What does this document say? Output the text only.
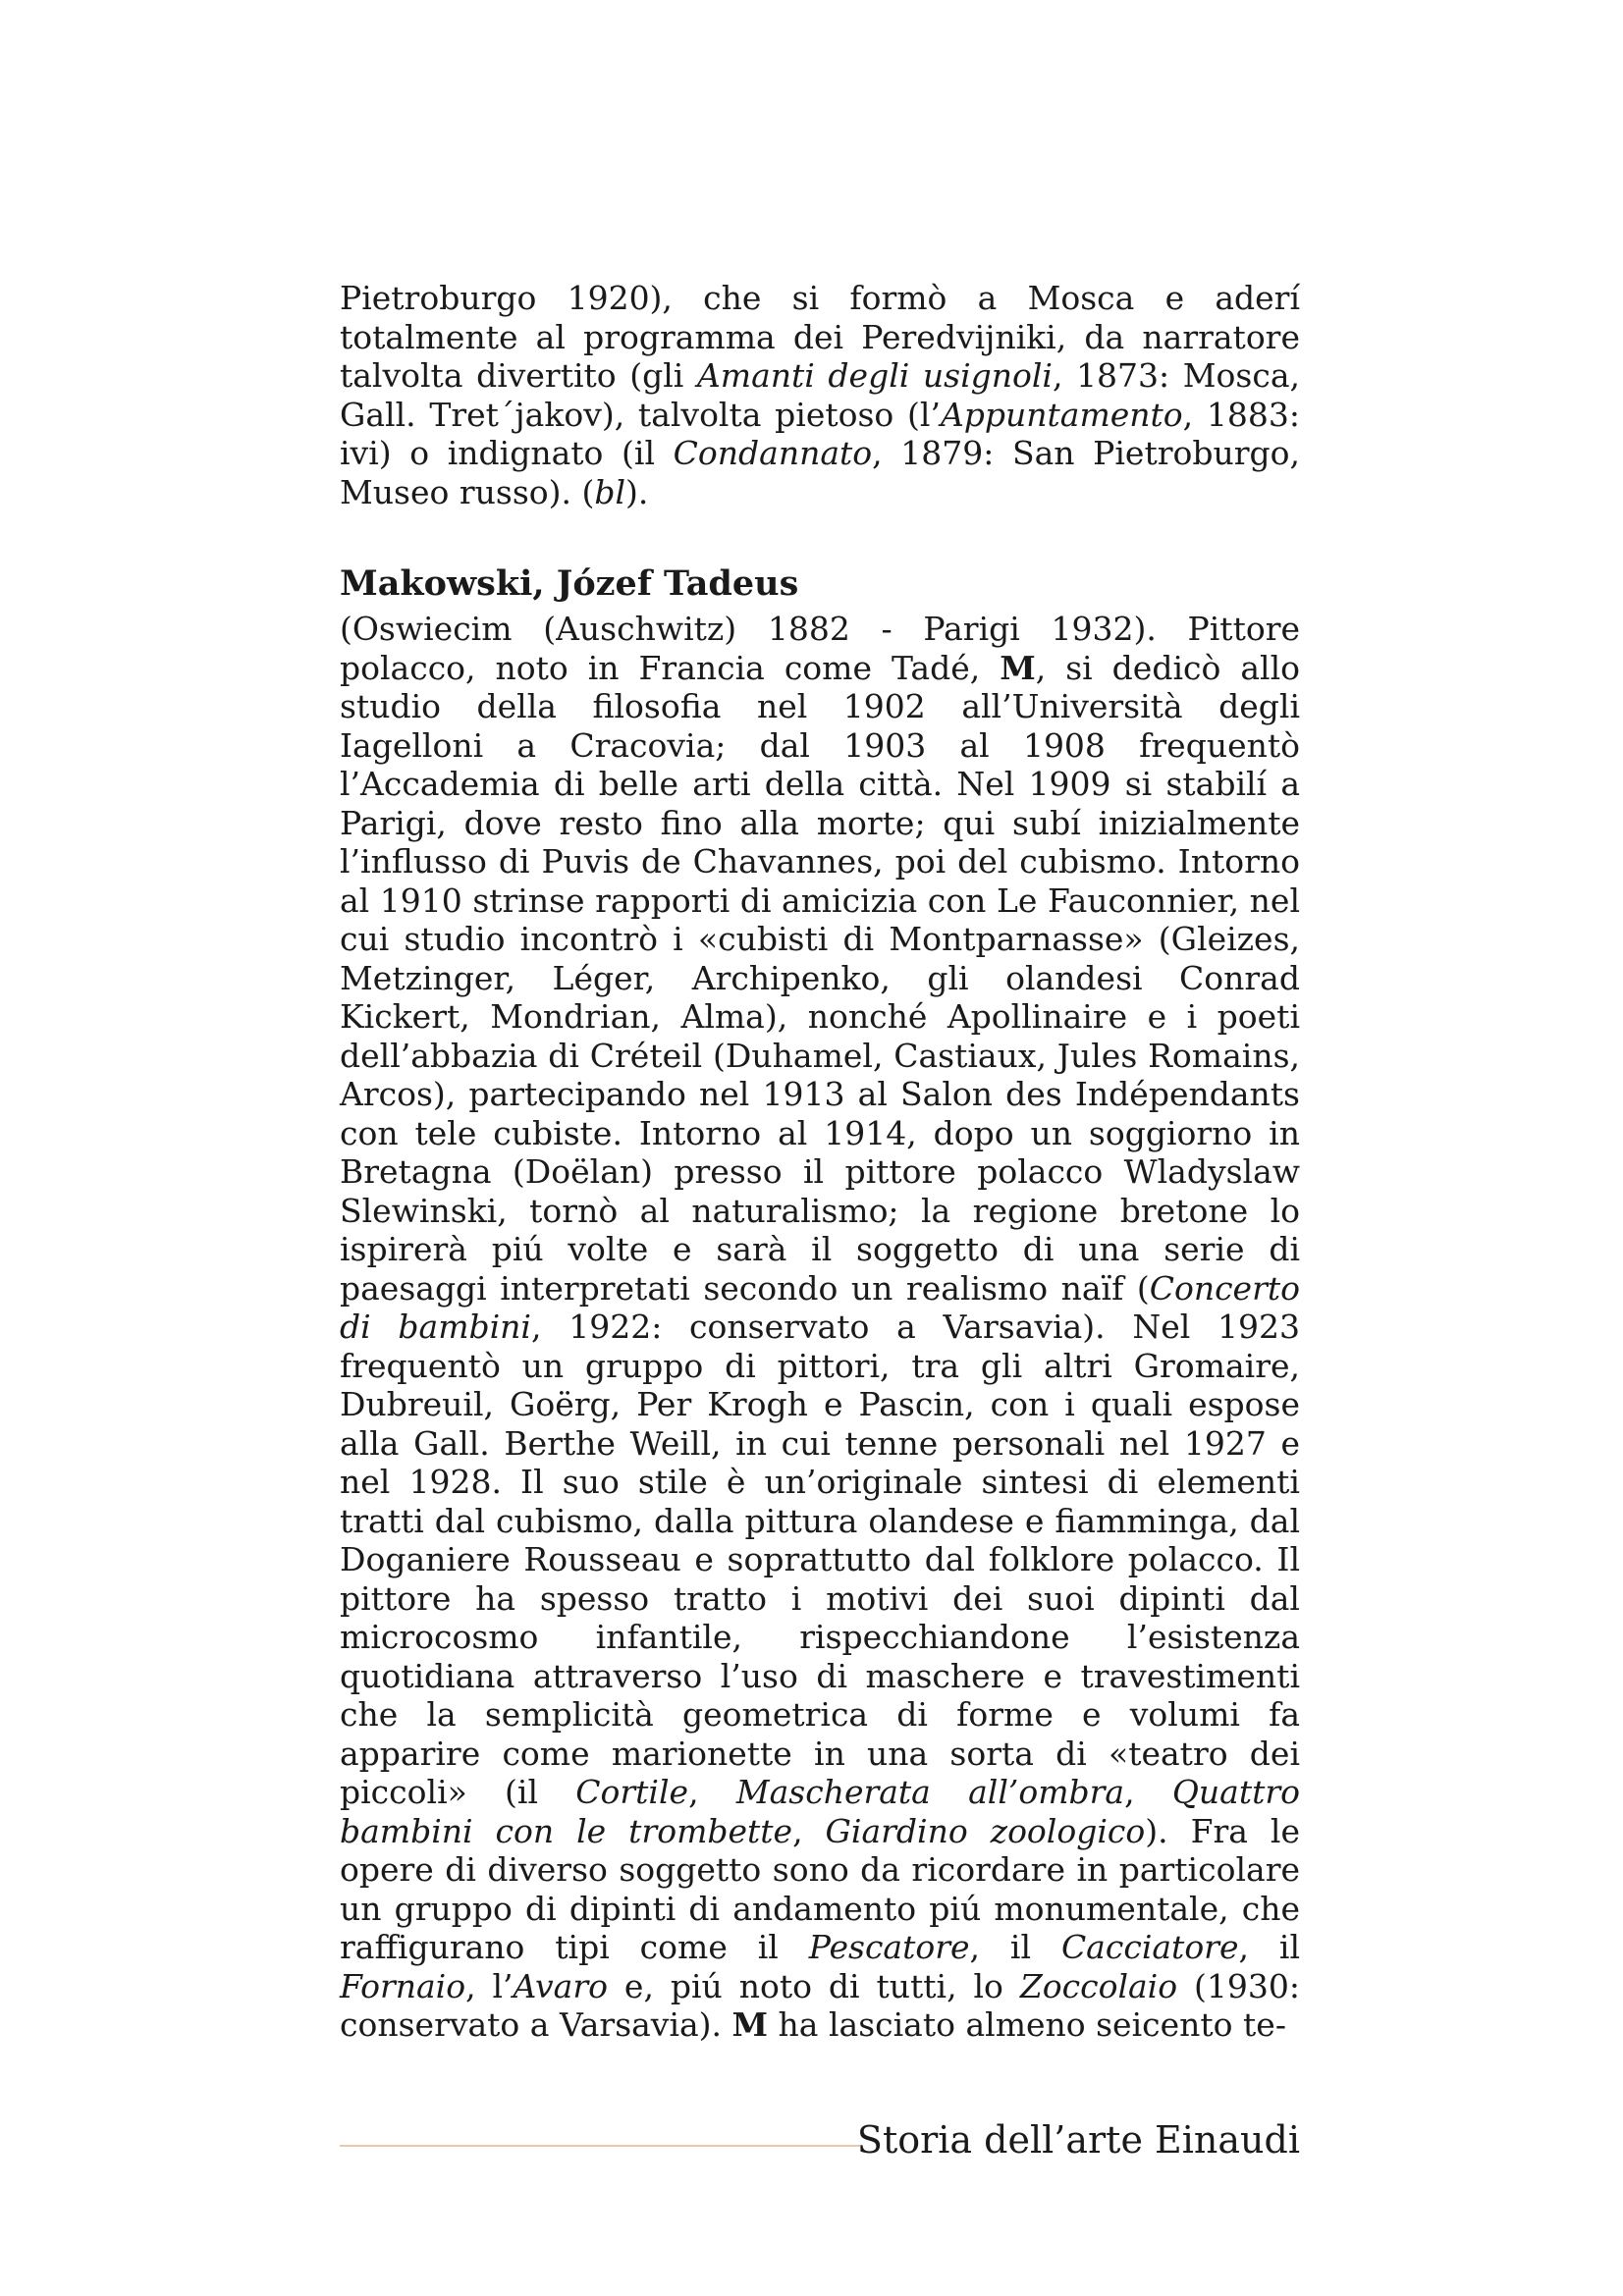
Pietroburgo 1920), che si formò a Mosca e aderí totalmente al programma dei Peredvijniki, da narratore talvolta divertito (gli Amanti degli usignoli, 1873: Mosca, Gall. Tret´jakov), talvolta pietoso (l’Appuntamento, 1883: ivi) o indignato (il Condannato, 1879: San Pietroburgo, Museo russo). (bl).

Makowski, Józef Tadeus

(Oswiecim (Auschwitz) 1882 - Parigi 1932). Pittore polacco, noto in Francia come Tadé, M, si dedicò allo studio della filosofia nel 1902 all’Università degli Iagelloni a Cracovia; dal 1903 al 1908 frequentò l’Accademia di belle arti della città. Nel 1909 si stabilí a Parigi, dove resto fino alla morte; qui subí inizialmente l’influsso di Puvis de Chavannes, poi del cubismo. Intorno al 1910 strinse rapporti di amicizia con Le Fauconnier, nel cui studio incontrò i «cubisti di Montparnasse» (Gleizes, Metzinger, Léger, Archipenko, gli olandesi Conrad Kickert, Mondrian, Alma), nonché Apollinaire e i poeti dell’abbazia di Créteil (Duhamel, Castiaux, Jules Romains, Arcos), partecipando nel 1913 al Salon des Indépendants con tele cubiste. Intorno al 1914, dopo un soggiorno in Bretagna (Doëlan) presso il pittore polacco Wladyslaw Slewinski, tornò al naturalismo; la regione bretone lo ispirerà piú volte e sarà il soggetto di una serie di paesaggi interpretati secondo un realismo naïf (Concerto di bambini, 1922: conservato a Varsavia). Nel 1923 frequentò un gruppo di pittori, tra gli altri Gromaire, Dubreuil, Goërg, Per Krogh e Pascin, con i quali espose alla Gall. Berthe Weill, in cui tenne personali nel 1927 e nel 1928. Il suo stile è un’originale sintesi di elementi tratti dal cubismo, dalla pittura olandese e fiamminga, dal Doganiere Rousseau e soprattutto dal folklore polacco. Il pittore ha spesso tratto i motivi dei suoi dipinti dal microcosmo infantile, rispecchiandone l’esistenza quotidiana attraverso l’uso di maschere e travestimenti che la semplicità geometrica di forme e volumi fa apparire come marionette in una sorta di «teatro dei piccoli» (il Cortile, Mascherata all’ombra, Quattro bambini con le trombette, Giardino zoologico). Fra le opere di diverso soggetto sono da ricordare in particolare un gruppo di dipinti di andamento piú monumentale, che raffigurano tipi come il Pescatore, il Cacciatore, il Fornaio, l’Avaro e, piú noto di tutti, lo Zoccolaio (1930: conservato a Varsavia). M ha lasciato almeno seicento te-

Storia dell’arte Einaudi
